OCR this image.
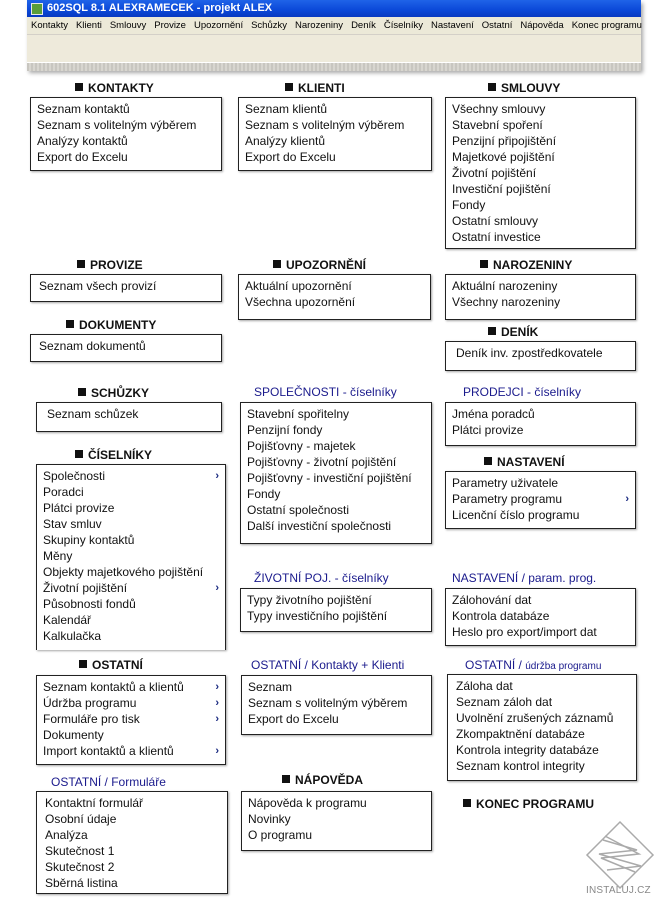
602SQL 8.1 ALEXRAMECEK - projekt ALEX
Kontakty Klienti Smlouvy Provize Upozornění Schůzky Narozeniny Deník Číselníky Nastavení Ostatní Nápověda Konec programu
KONTAKTY
Seznam kontaktů
Seznam s volitelným výběrem
Analýzy kontaktů
Export do Excelu
KLIENTI
Seznam klientů
Seznam s volitelným výběrem
Analýzy klientů
Export do Excelu
SMLOUVY
Všechny smlouvy
Stavební spoření
Penzijní připojištění
Majetkové pojištění
Životní pojištění
Investiční pojištění
Fondy
Ostatní smlouvy
Ostatní investice
PROVIZE
Seznam všech provizí
UPOZORNĚNÍ
Aktuální upozornění
Všechna upozornění
NAROZENINY
Aktuální narozeniny
Všechny narozeniny
DOKUMENTY
Seznam dokumentů
DENÍK
Deník inv. zpostředkovatele
SCHŮZKY
Seznam schůzek
SPOLEČNOSTI - číselníky
Stavební spořitelny
Penzijní fondy
Pojišťovny - majetek
Pojišťovny - životní pojištění
Pojišťovny - investiční pojištění
Fondy
Ostatní společnosti
Další investiční společnosti
PRODEJCI - číselníky
Jména poradců
Plátci provize
ČÍSELNÍKY
Společnosti	›
Poradci
Plátci provize
Stav smluv
Skupiny kontaktů
Měny
Objekty majetkového pojištění
Životní pojištění	›
Působnosti fondů
Kalendář
Kalkulačka
NASTAVENÍ
Parametry uživatele
Parametry programu	›
Licenční číslo programu
ŽIVOTNÍ POJ. - číselníky
Typy životního pojištění
Typy investičního pojištění
NASTAVENÍ / param. prog.
Zálohování dat
Kontrola databáze
Heslo pro export/import dat
OSTATNÍ
Seznam kontaktů a klientů	›
Údržba programu	›
Formuláře pro tisk	›
Dokumenty
Import kontaktů a klientů	›
OSTATNÍ / Kontakty + Klienti
Seznam
Seznam s volitelným výběrem
Export do Excelu
OSTATNÍ / údržba programu
Záloha dat
Seznam záloh dat
Uvolnění zrušených záznamů
Zkompaktnění databáze
Kontrola integrity databáze
Seznam kontrol integrity
OSTATNÍ / Formuláře
Kontaktní formulář
Osobní údaje
Analýza
Skutečnost 1
Skutečnost 2
Sběrná listina
NÁPOVĚDA
Nápověda k programu
Novinky
O programu
KONEC PROGRAMU
INSTALUJ.CZ
